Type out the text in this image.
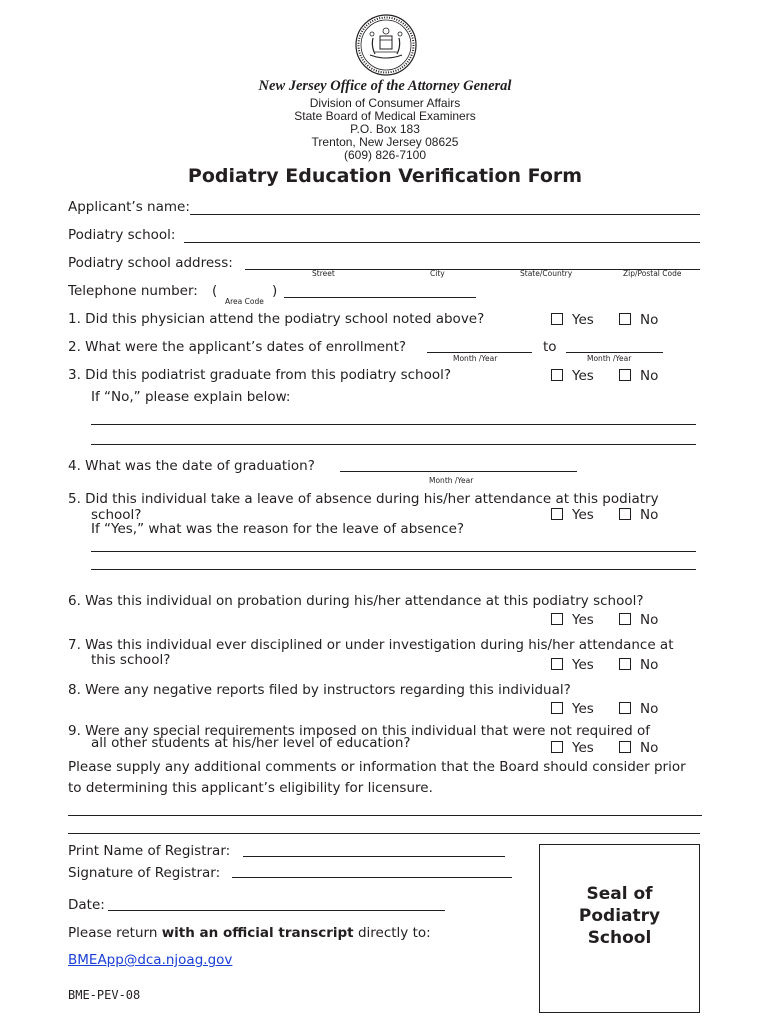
New Jersey Office of the Attorney General
Division of Consumer Affairs
State Board of Medical Examiners
P.O. Box 183
Trenton, New Jersey 08625
(609) 826-7100
Podiatry Education Verification Form
Applicant’s name:
Podiatry school:
Podiatry school address:
Street	City	State/Country	Zip/Postal Code
Telephone number: (
Area Code
)
1. Did this physician attend the podiatry school noted above?	Yes	No
2. What were the applicant’s dates of enrollment?
Month /Year
to
Month /Year
3. Did this podiatrist graduate from this podiatry school?	Yes	No
If “No,” please explain below:
4. What was the date of graduation?
Month /Year
5. Did this individual take a leave of absence during his/her attendance at this podiatry
school?	Yes	No
If “Yes,” what was the reason for the leave of absence?
6. Was this individual on probation during his/her attendance at this podiatry school?
Yes	No
7. Was this individual ever disciplined or under investigation during his/her attendance at
this school?	Yes	No
8. Were any negative reports filed by instructors regarding this individual?
Yes	No
9. Were any special requirements imposed on this individual that were not required of
all other students at his/her level of education?	Yes	No
Please supply any additional comments or information that the Board should consider prior
to determining this applicant’s eligibility for licensure.
Print Name of Registrar:
Signature of Registrar:
Date:
Please return with an official transcript directly to:
BMEApp@dca.njoag.gov
BME-PEV-08
Seal of
Podiatry
School
